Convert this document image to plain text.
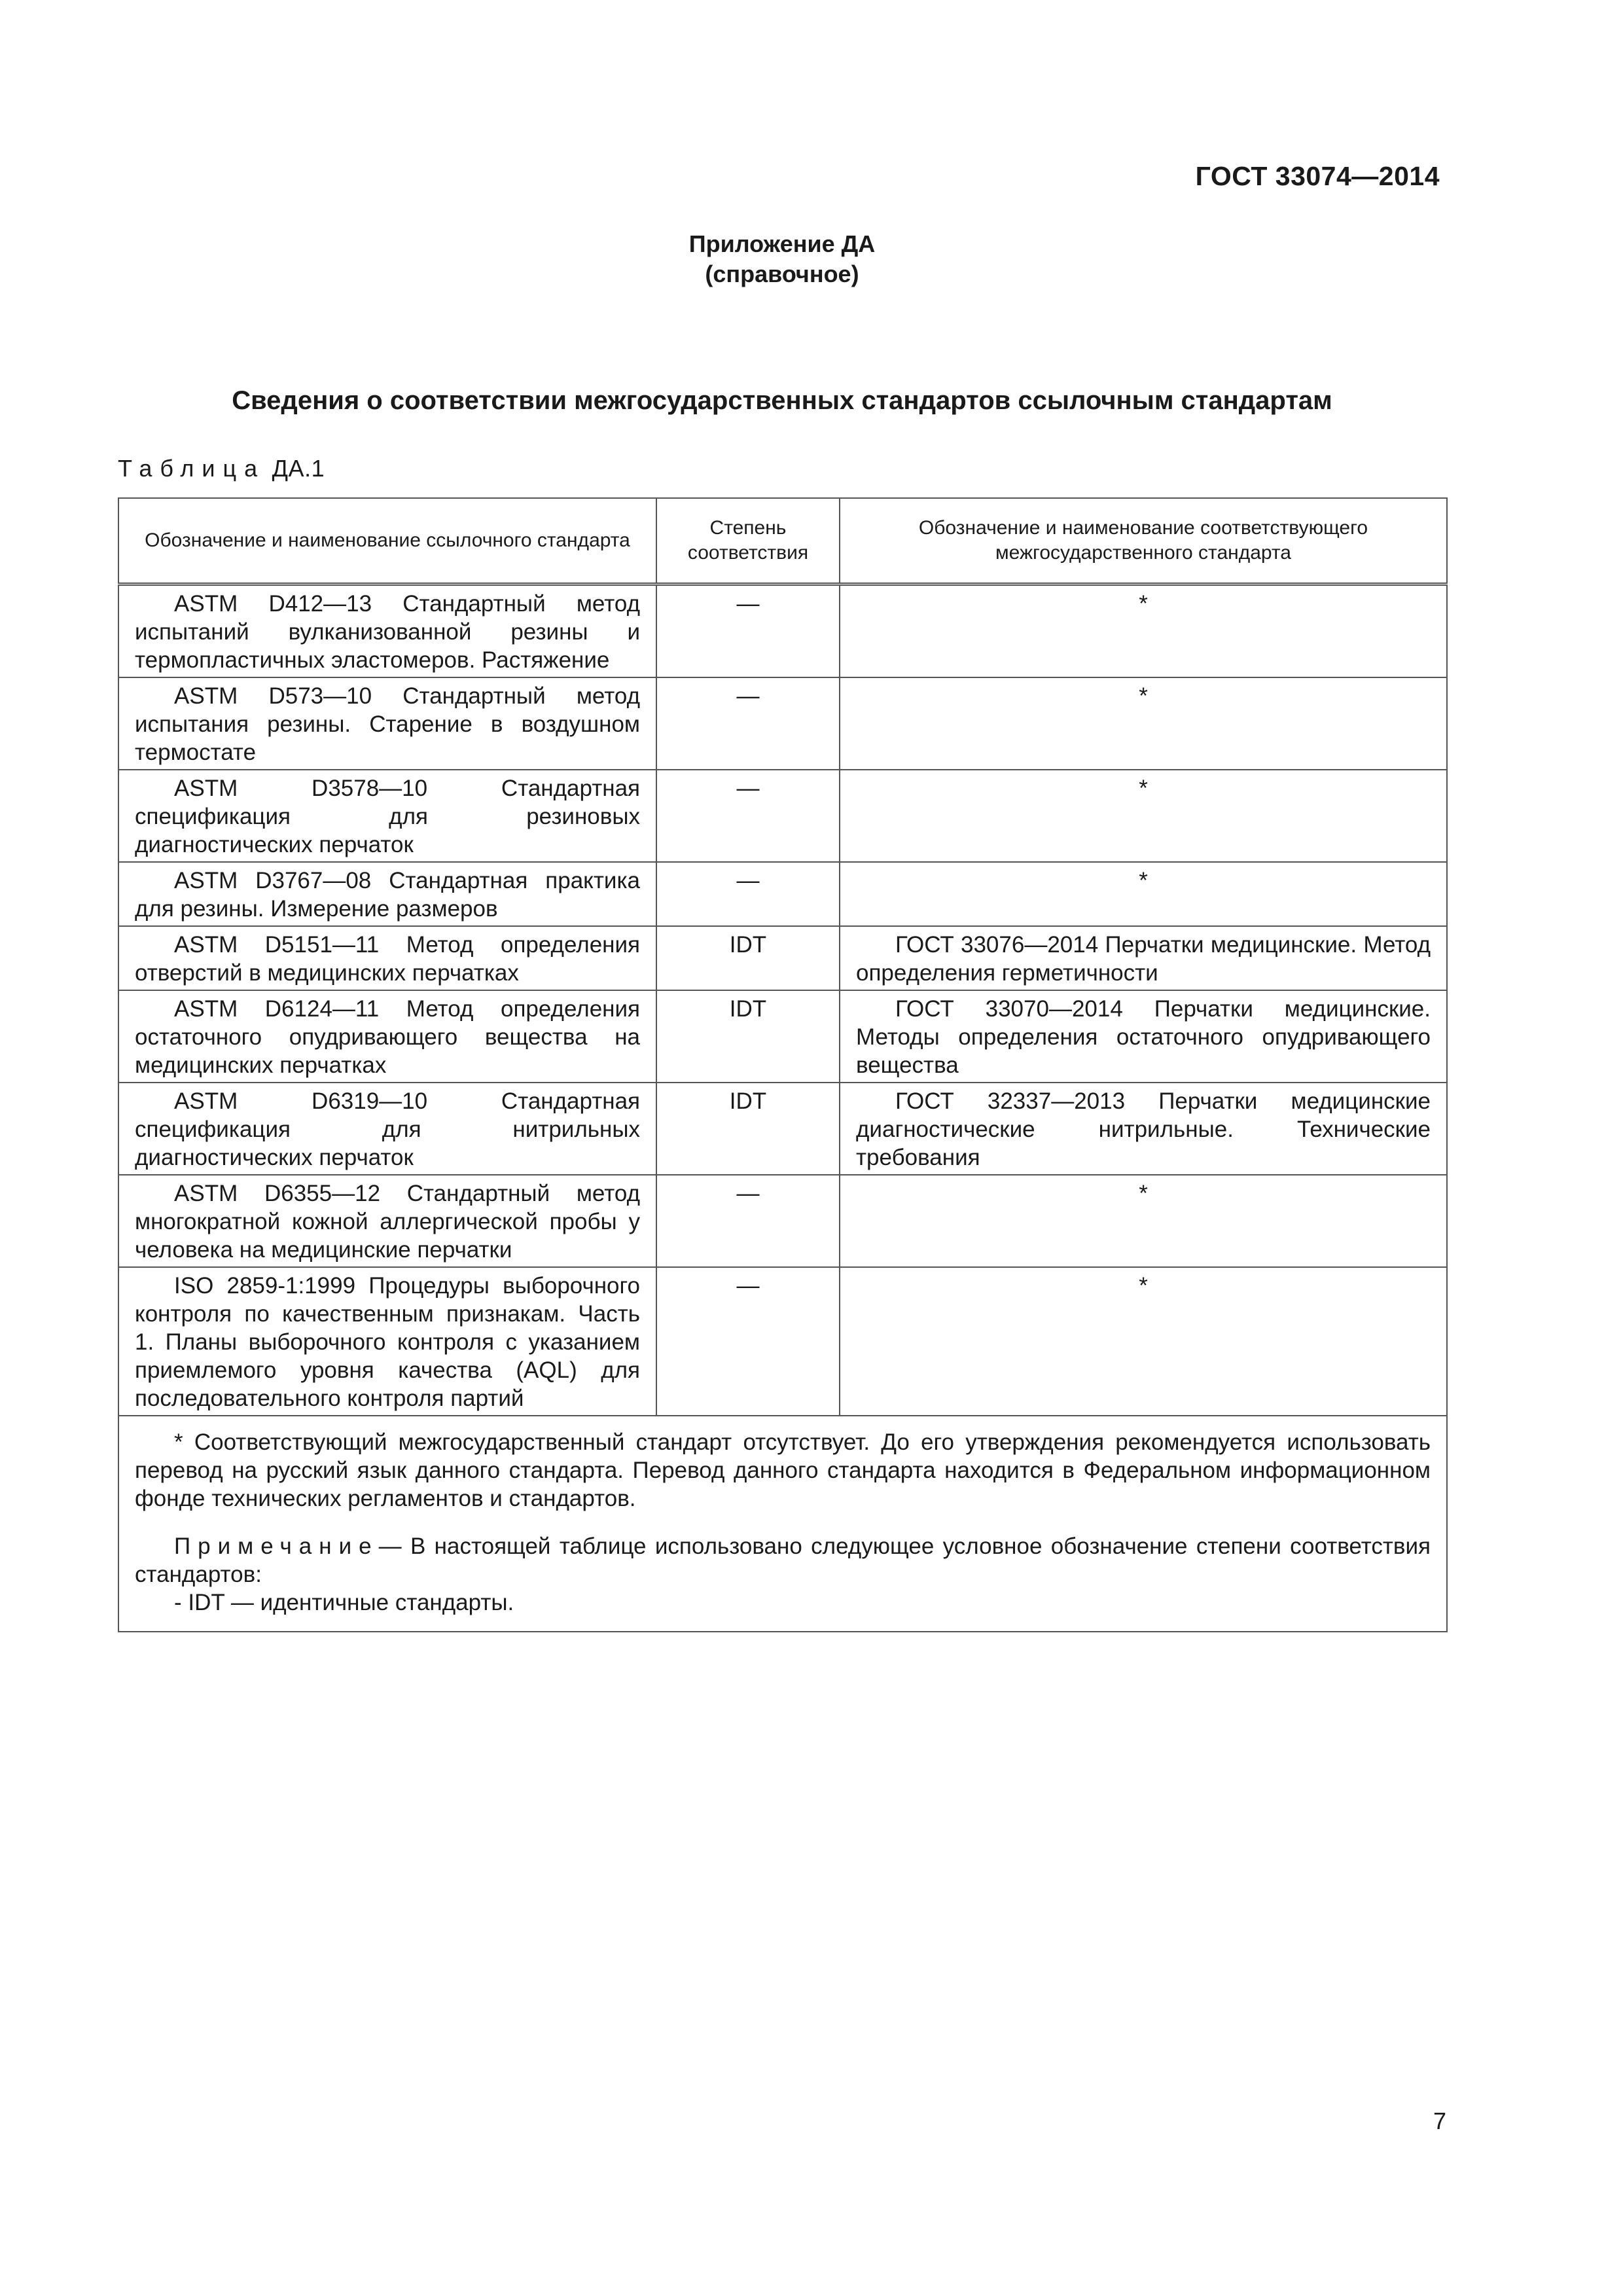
ГОСТ 33074—2014
Приложение ДА
(справочное)
Сведения о соответствии межгосударственных стандартов ссылочным стандартам
Таблица ДА.1
Обозначение и наименование ссылочного стандарта	Степень соответствия	Обозначение и наименование соответствующего межгосударственного стандарта
ASTM D412—13 Стандартный метод испытаний вулканизованной резины и термопластичных эластомеров. Растяжение	—	*
ASTM D573—10 Стандартный метод испытания резины. Старение в воздушном термостате	—	*
ASTM D3578—10 Стандартная спецификация для резиновых диагностических перчаток	—	*
ASTM D3767—08 Стандартная практика для резины. Измерение размеров	—	*
ASTM D5151—11 Метод определения отверстий в медицинских перчатках	IDT	ГОСТ 33076—2014 Перчатки медицинские. Метод определения герметичности
ASTM D6124—11 Метод определения остаточного опудривающего вещества на медицинских перчатках	IDT	ГОСТ 33070—2014 Перчатки медицинские. Методы определения остаточного опудривающего вещества
ASTM D6319—10 Стандартная спецификация для нитрильных диагностических перчаток	IDT	ГОСТ 32337—2013 Перчатки медицинские диагностические нитрильные. Технические требования
ASTM D6355—12 Стандартный метод многократной кожной аллергической пробы у человека на медицинские перчатки	—	*
ISO 2859-1:1999 Процедуры выборочного контроля по качественным признакам. Часть 1. Планы выборочного контроля с указанием приемлемого уровня качества (AQL) для последовательного контроля партий	—	*

* Соответствующий межгосударственный стандарт отсутствует. До его утверждения рекомендуется использовать перевод на русский язык данного стандарта. Перевод данного стандарта находится в Федеральном информационном фонде технических регламентов и стандартов.

Примечание— В настоящей таблице использовано следующее условное обозначение степени соответствия стандартов:

- IDT — идентичные стандарты.		

7
